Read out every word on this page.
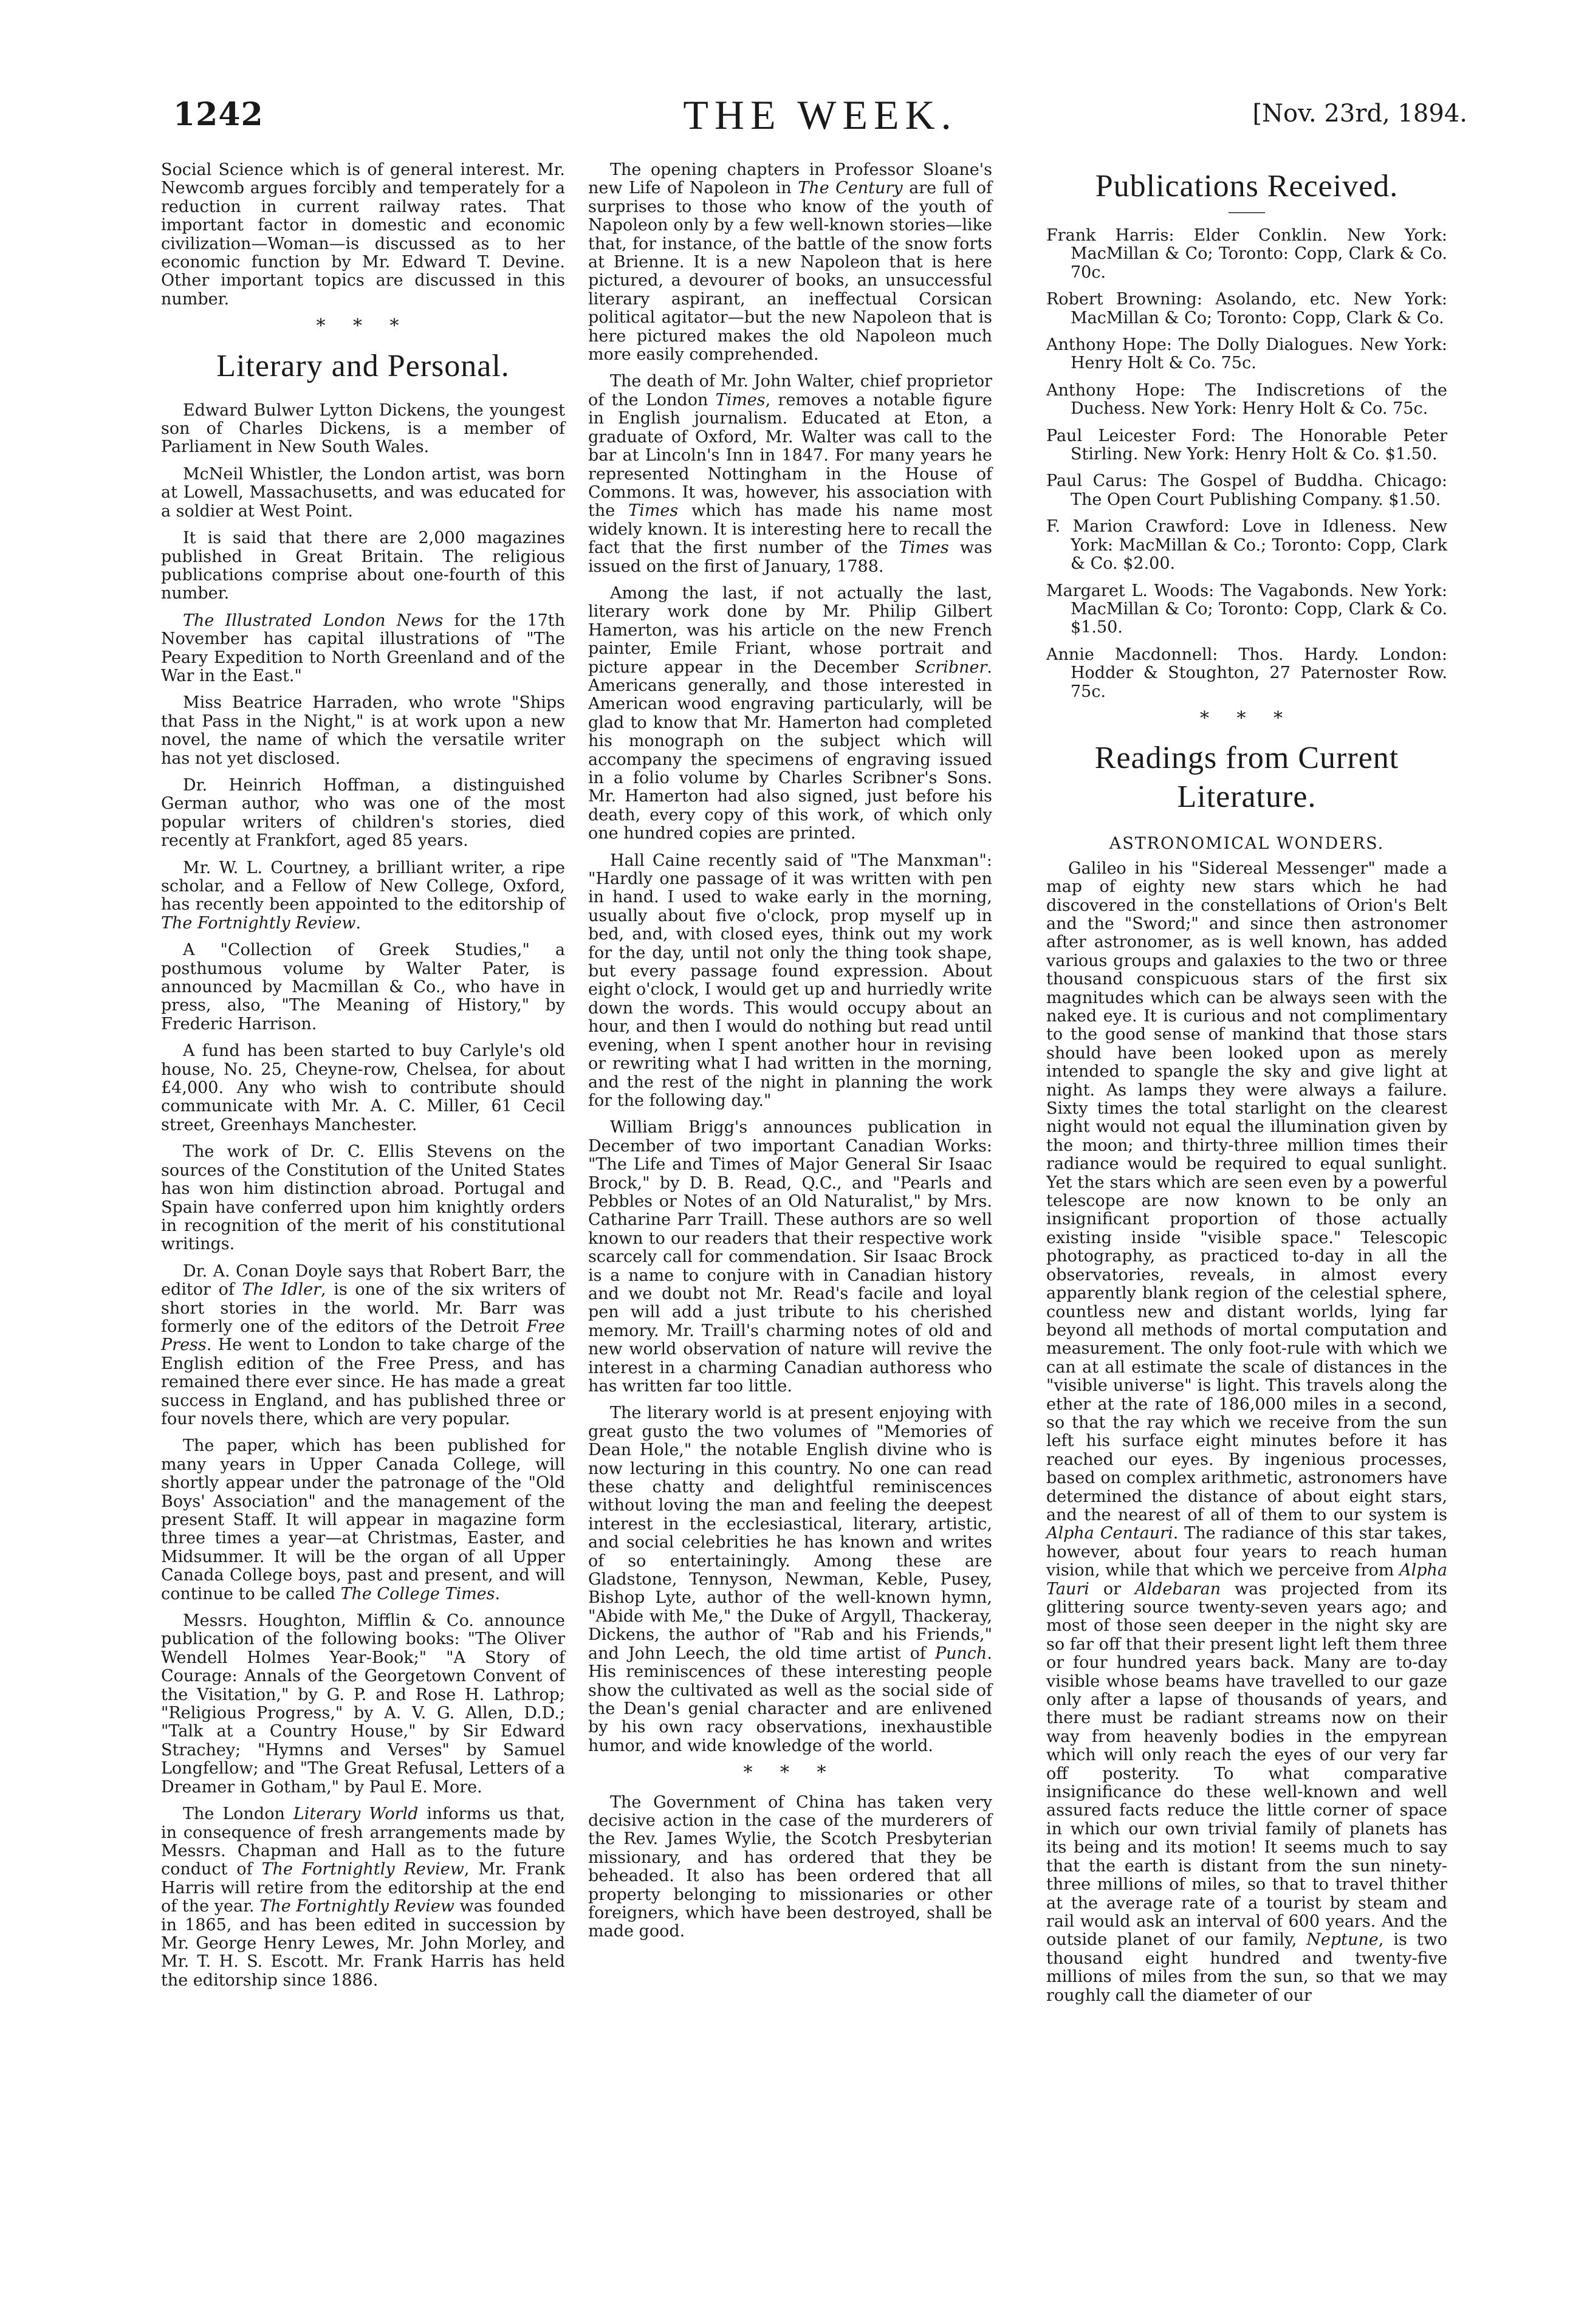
1242	THE WEEK.	[Nov. 23rd, 1894.

Social Science which is of general interest. Mr. Newcomb argues forcibly and temperately for a reduction in current railway rates. That important factor in domestic and economic civilization—Woman—is discussed as to her economic function by Mr. Edward T. Devine. Other important topics are discussed in this number.

* * *
Literary and Personal.

Edward Bulwer Lytton Dickens, the youngest son of Charles Dickens, is a member of Parliament in New South Wales.

McNeil Whistler, the London artist, was born at Lowell, Massachusetts, and was educated for a soldier at West Point.

It is said that there are 2,000 magazines published in Great Britain. The religious publications comprise about one-fourth of this number.

The Illustrated London News for the 17th November has capital illustrations of "The Peary Expedition to North Greenland and of the War in the East."

Miss Beatrice Harraden, who wrote "Ships that Pass in the Night," is at work upon a new novel, the name of which the versatile writer has not yet disclosed.

Dr. Heinrich Hoffman, a distinguished German author, who was one of the most popular writers of children's stories, died recently at Frankfort, aged 85 years.

Mr. W. L. Courtney, a brilliant writer, a ripe scholar, and a Fellow of New College, Oxford, has recently been appointed to the editorship of The Fortnightly Review.

A "Collection of Greek Studies," a posthumous volume by Walter Pater, is announced by Macmillan & Co., who have in press, also, "The Meaning of History," by Frederic Harrison.

A fund has been started to buy Carlyle's old house, No. 25, Cheyne-row, Chelsea, for about £4,000. Any who wish to contribute should communicate with Mr. A. C. Miller, 61 Cecil street, Greenhays Manchester.

The work of Dr. C. Ellis Stevens on the sources of the Constitution of the United States has won him distinction abroad. Portugal and Spain have conferred upon him knightly orders in recognition of the merit of his constitutional writings.

Dr. A. Conan Doyle says that Robert Barr, the editor of The Idler, is one of the six writers of short stories in the world. Mr. Barr was formerly one of the editors of the Detroit Free Press. He went to London to take charge of the English edition of the Free Press, and has remained there ever since. He has made a great success in England, and has published three or four novels there, which are very popular.

The paper, which has been published for many years in Upper Canada College, will shortly appear under the patronage of the "Old Boys' Association" and the management of the present Staff. It will appear in magazine form three times a year—at Christmas, Easter, and Midsummer. It will be the organ of all Upper Canada College boys, past and present, and will continue to be called The College Times.

Messrs. Houghton, Mifflin & Co. announce publication of the following books: "The Oliver Wendell Holmes Year-Book;" "A Story of Courage: Annals of the Georgetown Convent of the Visitation," by G. P. and Rose H. Lathrop; "Religious Progress," by A. V. G. Allen, D.D.; "Talk at a Country House," by Sir Edward Strachey; "Hymns and Verses" by Samuel Longfellow; and "The Great Refusal, Letters of a Dreamer in Gotham," by Paul E. More.

The London Literary World informs us that, in consequence of fresh arrangements made by Messrs. Chapman and Hall as to the future conduct of The Fortnightly Review, Mr. Frank Harris will retire from the editorship at the end of the year. The Fortnightly Review was founded in 1865, and has been edited in succession by Mr. George Henry Lewes, Mr. John Morley, and Mr. T. H. S. Escott. Mr. Frank Harris has held the editorship since 1886.

The opening chapters in Professor Sloane's new Life of Napoleon in The Century are full of surprises to those who know of the youth of Napoleon only by a few well-known stories—like that, for instance, of the battle of the snow forts at Brienne. It is a new Napoleon that is here pictured, a devourer of books, an unsuccessful literary aspirant, an ineffectual Corsican political agitator—but the new Napoleon that is here pictured makes the old Napoleon much more easily comprehended.

The death of Mr. John Walter, chief proprietor of the London Times, removes a notable figure in English journalism. Educated at Eton, a graduate of Oxford, Mr. Walter was call to the bar at Lincoln's Inn in 1847. For many years he represented Nottingham in the House of Commons. It was, however, his association with the Times which has made his name most widely known. It is interesting here to recall the fact that the first number of the Times was issued on the first of January, 1788.

Among the last, if not actually the last, literary work done by Mr. Philip Gilbert Hamerton, was his article on the new French painter, Emile Friant, whose portrait and picture appear in the December Scribner. Americans generally, and those interested in American wood engraving particularly, will be glad to know that Mr. Hamerton had completed his monograph on the subject which will accompany the specimens of engraving issued in a folio volume by Charles Scribner's Sons. Mr. Hamerton had also signed, just before his death, every copy of this work, of which only one hundred copies are printed.

Hall Caine recently said of "The Manxman": "Hardly one passage of it was written with pen in hand. I used to wake early in the morning, usually about five o'clock, prop myself up in bed, and, with closed eyes, think out my work for the day, until not only the thing took shape, but every passage found expression. About eight o'clock, I would get up and hurriedly write down the words. This would occupy about an hour, and then I would do nothing but read until evening, when I spent another hour in revising or rewriting what I had written in the morning, and the rest of the night in planning the work for the following day."

William Brigg's announces publication in December of two important Canadian Works: "The Life and Times of Major General Sir Isaac Brock," by D. B. Read, Q.C., and "Pearls and Pebbles or Notes of an Old Naturalist," by Mrs. Catharine Parr Traill. These authors are so well known to our readers that their respective work scarcely call for commendation. Sir Isaac Brock is a name to conjure with in Canadian history and we doubt not Mr. Read's facile and loyal pen will add a just tribute to his cherished memory. Mr. Traill's charming notes of old and new world observation of nature will revive the interest in a charming Canadian authoress who has written far too little.

The literary world is at present enjoying with great gusto the two volumes of "Memories of Dean Hole," the notable English divine who is now lecturing in this country. No one can read these chatty and delightful reminiscences without loving the man and feeling the deepest interest in the ecclesiastical, literary, artistic, and social celebrities he has known and writes of so entertainingly. Among these are Gladstone, Tennyson, Newman, Keble, Pusey, Bishop Lyte, author of the well-known hymn, "Abide with Me," the Duke of Argyll, Thackeray, Dickens, the author of "Rab and his Friends," and John Leech, the old time artist of Punch. His reminiscences of these interesting people show the cultivated as well as the social side of the Dean's genial character and are enlivened by his own racy observations, inexhaustible humor, and wide knowledge of the world.

* * *

The Government of China has taken very decisive action in the case of the murderers of the Rev. James Wylie, the Scotch Presbyterian missionary, and has ordered that they be beheaded. It also has been ordered that all property belonging to missionaries or other foreigners, which have been destroyed, shall be made good.

Publications Received.
Frank Harris: Elder Conklin. New York: MacMillan & Co; Toronto: Copp, Clark & Co. 70c.
Robert Browning: Asolando, etc. New York: MacMillan & Co; Toronto: Copp, Clark & Co.
Anthony Hope: The Dolly Dialogues. New York: Henry Holt & Co. 75c.
Anthony Hope: The Indiscretions of the Duchess. New York: Henry Holt & Co. 75c.
Paul Leicester Ford: The Honorable Peter Stirling. New York: Henry Holt & Co. $1.50.
Paul Carus: The Gospel of Buddha. Chicago: The Open Court Publishing Company. $1.50.
F. Marion Crawford: Love in Idleness. New York: MacMillan & Co.; Toronto: Copp, Clark & Co. $2.00.
Margaret L. Woods: The Vagabonds. New York: MacMillan & Co; Toronto: Copp, Clark & Co. $1.50.
Annie Macdonnell: Thos. Hardy. London: Hodder & Stoughton, 27 Paternoster Row. 75c.
* * *
Readings from Current Literature.
ASTRONOMICAL WONDERS.

Galileo in his "Sidereal Messenger" made a map of eighty new stars which he had discovered in the constellations of Orion's Belt and the "Sword;" and since then astronomer after astronomer, as is well known, has added various groups and galaxies to the two or three thousand conspicuous stars of the first six magnitudes which can be always seen with the naked eye. It is curious and not complimentary to the good sense of mankind that those stars should have been looked upon as merely intended to spangle the sky and give light at night. As lamps they were always a failure. Sixty times the total starlight on the clearest night would not equal the illumination given by the moon; and thirty-three million times their radiance would be required to equal sunlight. Yet the stars which are seen even by a powerful telescope are now known to be only an insignificant proportion of those actually existing inside "visible space." Telescopic photography, as practiced to-day in all the observatories, reveals, in almost every apparently blank region of the celestial sphere, countless new and distant worlds, lying far beyond all methods of mortal computation and measurement. The only foot-rule with which we can at all estimate the scale of distances in the "visible universe" is light. This travels along the ether at the rate of 186,000 miles in a second, so that the ray which we receive from the sun left his surface eight minutes before it has reached our eyes. By ingenious processes, based on complex arithmetic, astronomers have determined the distance of about eight stars, and the nearest of all of them to our system is Alpha Centauri. The radiance of this star takes, however, about four years to reach human vision, while that which we perceive from Alpha Tauri or Aldebaran was projected from its glittering source twenty-seven years ago; and most of those seen deeper in the night sky are so far off that their present light left them three or four hundred years back. Many are to-day visible whose beams have travelled to our gaze only after a lapse of thousands of years, and there must be radiant streams now on their way from heavenly bodies in the empyrean which will only reach the eyes of our very far off posterity. To what comparative insignificance do these well-known and well assured facts reduce the little corner of space in which our own trivial family of planets has its being and its motion! It seems much to say that the earth is distant from the sun ninety-three millions of miles, so that to travel thither at the average rate of a tourist by steam and rail would ask an interval of 600 years. And the outside planet of our family, Neptune, is two thousand eight hundred and twenty-five millions of miles from the sun, so that we may roughly call the diameter of our
